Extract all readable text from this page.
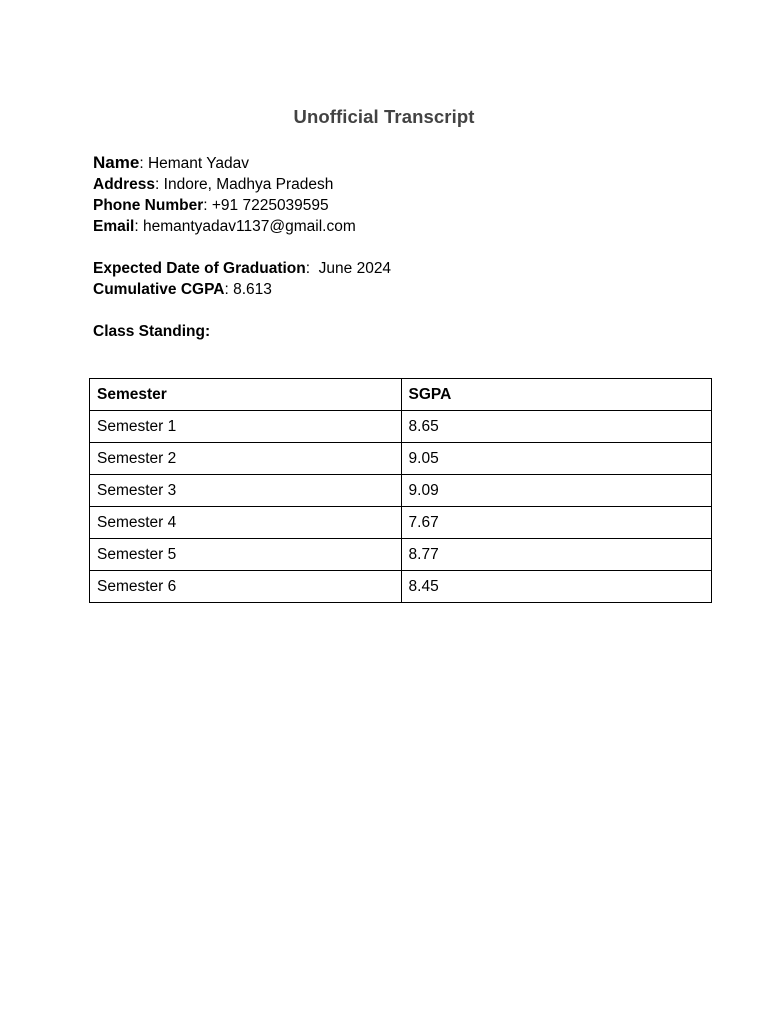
Unofficial Transcript
Name: Hemant Yadav
Address: Indore, Madhya Pradesh
Phone Number: +91 7225039595
Email: hemantyadav1137@gmail.com
Expected Date of Graduation:  June 2024
Cumulative CGPA: 8.613
Class Standing:
Semester	SGPA
Semester 1	8.65
Semester 2	9.05
Semester 3	9.09
Semester 4	7.67
Semester 5	8.77
Semester 6	8.45
